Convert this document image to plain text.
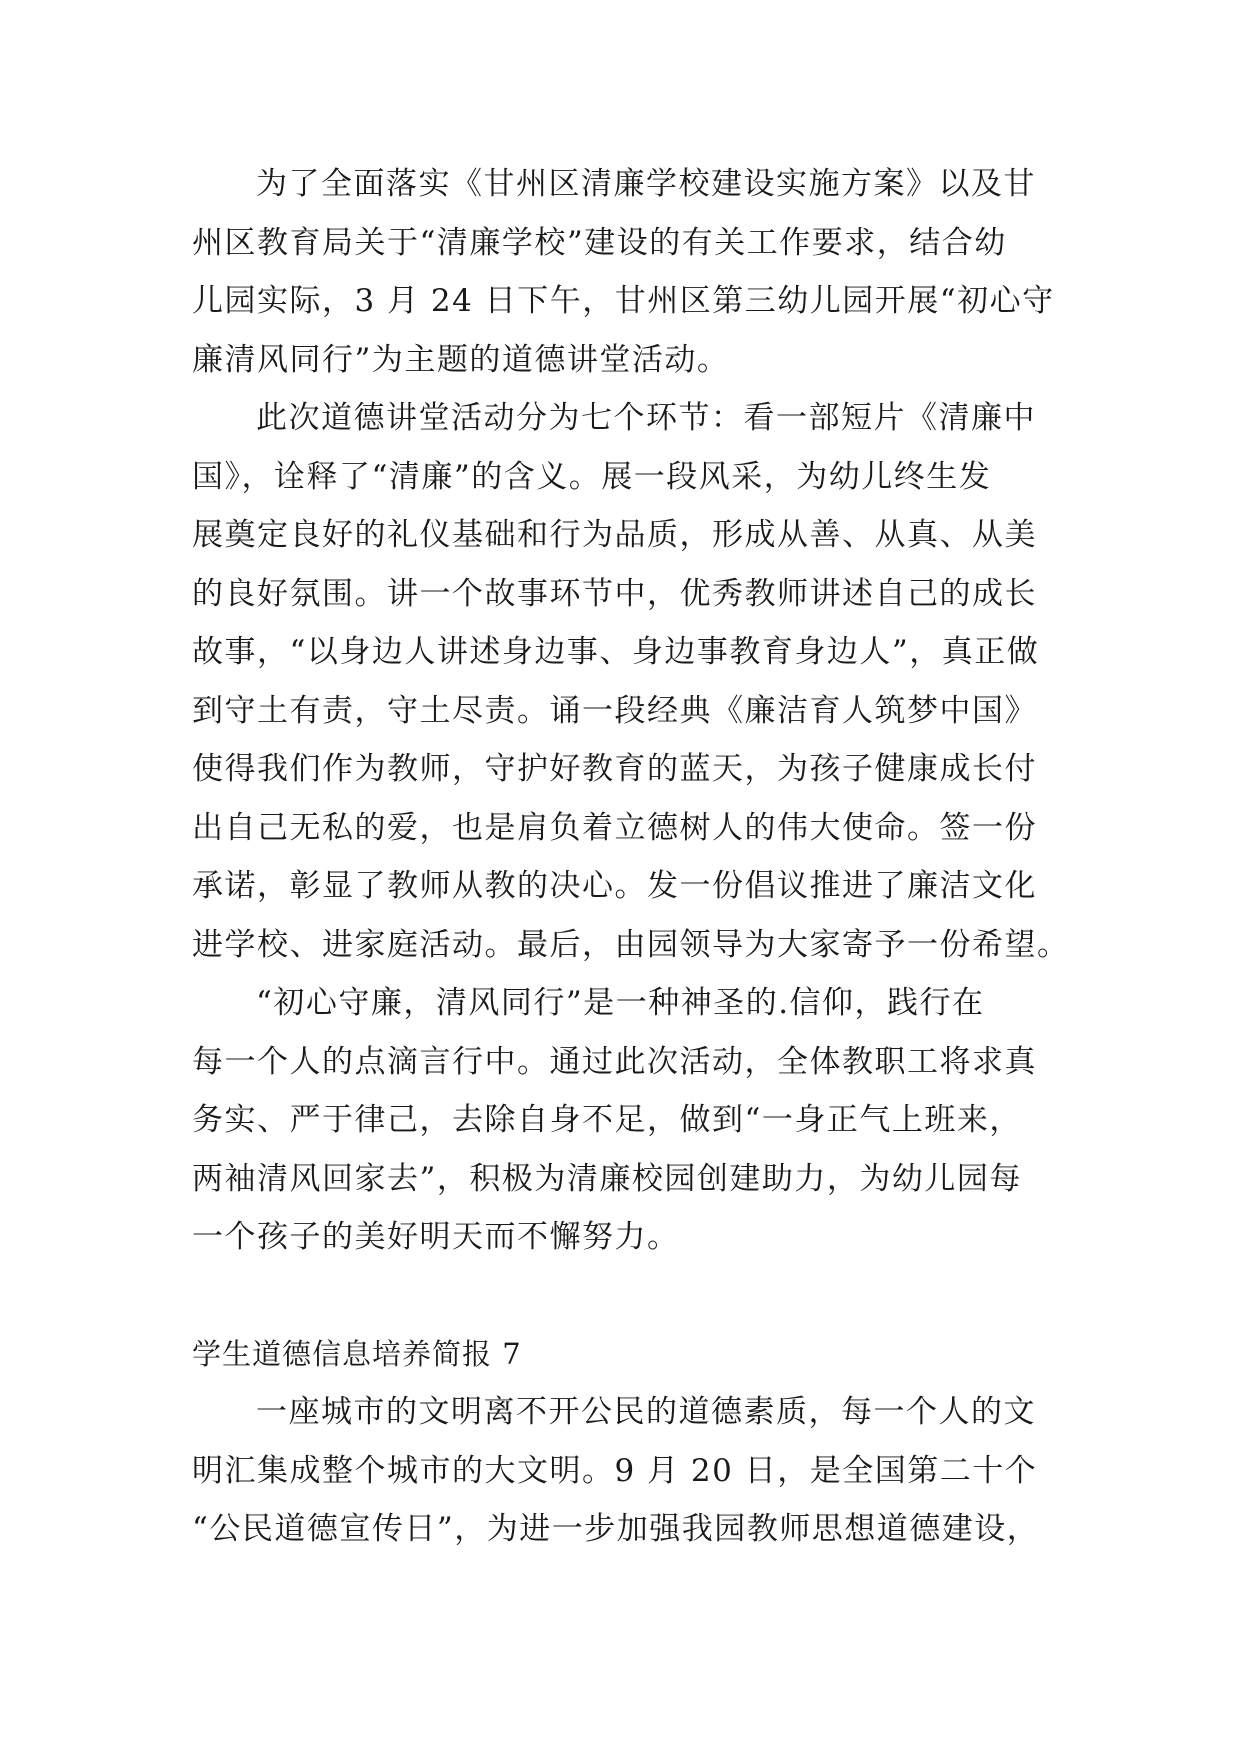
为了全面落实《甘州区清廉学校建设实施方案》以及甘
州区教育局关于“清廉学校”建设的有关工作要求，结合幼
儿园实际，3 月 24 日下午，甘州区第三幼儿园开展“初心守
廉清风同行”为主题的道德讲堂活动。
此次道德讲堂活动分为七个环节：看一部短片《清廉中
国》，诠释了“清廉”的含义。展一段风采，为幼儿终生发
展奠定良好的礼仪基础和行为品质，形成从善、从真、从美
的良好氛围。讲一个故事环节中，优秀教师讲述自己的成长
故事，“以身边人讲述身边事、身边事教育身边人”，真正做
到守土有责，守土尽责。诵一段经典《廉洁育人筑梦中国》
使得我们作为教师，守护好教育的蓝天，为孩子健康成长付
出自己无私的爱，也是肩负着立德树人的伟大使命。签一份
承诺，彰显了教师从教的决心。发一份倡议推进了廉洁文化
进学校、进家庭活动。最后，由园领导为大家寄予一份希望。
“初心守廉，清风同行”是一种神圣的.信仰，践行在
每一个人的点滴言行中。通过此次活动，全体教职工将求真
务实、严于律己，去除自身不足，做到“一身正气上班来，
两袖清风回家去”，积极为清廉校园创建助力，为幼儿园每
一个孩子的美好明天而不懈努力。
学生道德信息培养简报 7
一座城市的文明离不开公民的道德素质，每一个人的文
明汇集成整个城市的大文明。9 月 20 日，是全国第二十个
“公民道德宣传日”，为进一步加强我园教师思想道德建设，
